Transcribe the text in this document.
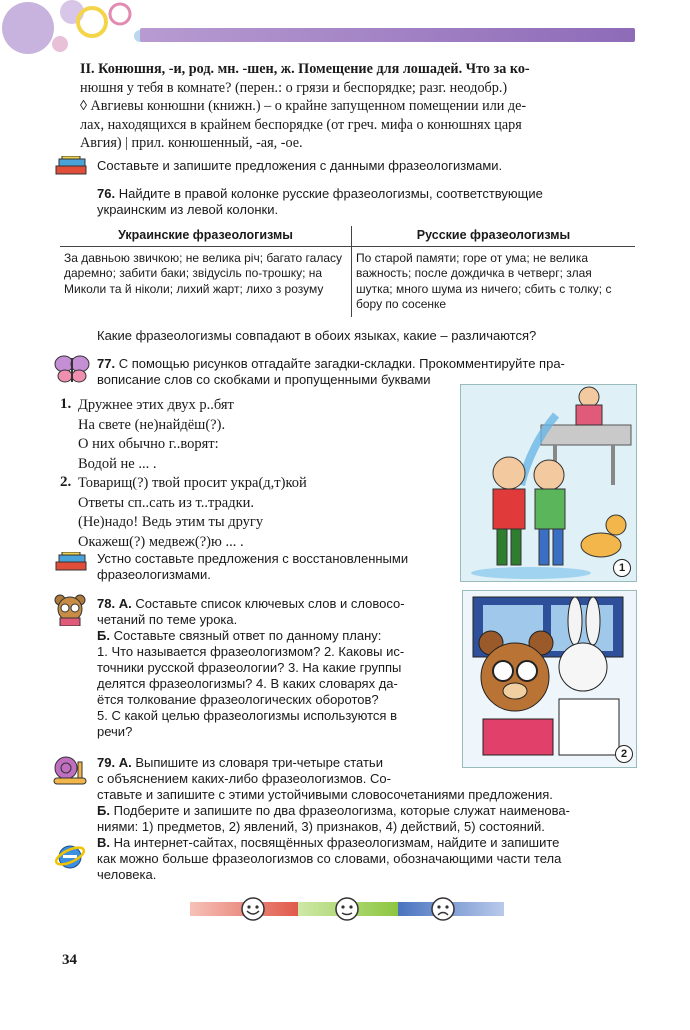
II. Конюшня, -и, род. мн. -шен, ж. Помещение для лошадей. Что за ко-
нюшня у тебя в комнате? (перен.: о грязи и беспорядке; разг. неодобр.)
◊ Авгиевы конюшни (книжн.) – о крайне запущенном помещении или де-
лах, находящихся в крайнем беспорядке (от греч. мифа о конюшнях царя
Авгия) | прил. конюшенный, -ая, -ое.
Составьте и запишите предложения с данными фразеологизмами.
76. Найдите в правой колонке русские фразеологизмы, соответствующие
украинским из левой колонки.
Украинские фразеологизмы	Русские фразеологизмы
За давньою звичкою; не велика річ; багато галасу даремно; забити баки; звідусіль по-трошку; на Миколи та й ніколи; лихий жарт; лихо з розуму	По старой памяти; горе от ума; не велика важность; после дождичка в четверг; злая шутка; много шума из ничего; сбить с толку; с бору по сосенке
Какие фразеологизмы совпадают в обоих языках, какие – различаются?
77. С помощью рисунков отгадайте загадки-складки. Прокомментируйте пра-
вописание слов со скобками и пропущенными буквами
1. Дружнее этих двух р..бят
На свете (не)найдёш(?).
О них обычно г..ворят:
Водой не ... .
2. Товарищ(?) твой просит укра(д,т)кой
Ответы сп..сать из т..традки.
(Не)надо! Ведь этим ты другу
Окажеш(?) медвеж(?)ю ... .
1
Устно составьте предложения с восстановленными
фразеологизмами.
78. А. Составьте список ключевых слов и словосо-
четаний по теме урока.
Б. Составьте связный ответ по данному плану:
1. Что называется фразеологизмом? 2. Каковы ис-
точники русской фразеологии? 3. На какие группы
делятся фразеологизмы? 4. В каких словарях да-
ётся толкование фразеологических оборотов?
5. С какой целью фразеологизмы используются в
речи?
2
79. А. Выпишите из словаря три-четыре статьи
с объяснением каких-либо фразеологизмов. Со-
ставьте и запишите с этими устойчивыми словосочетаниями предложения.
Б. Подберите и запишите по два фразеологизма, которые служат наименова-
ниями: 1) предметов, 2) явлений, 3) признаков, 4) действий, 5) состояний.
В. На интернет-сайтах, посвящённых фразеологизмам, найдите и запишите
как можно больше фразеологизмов со словами, обозначающими части тела
человека.
34
